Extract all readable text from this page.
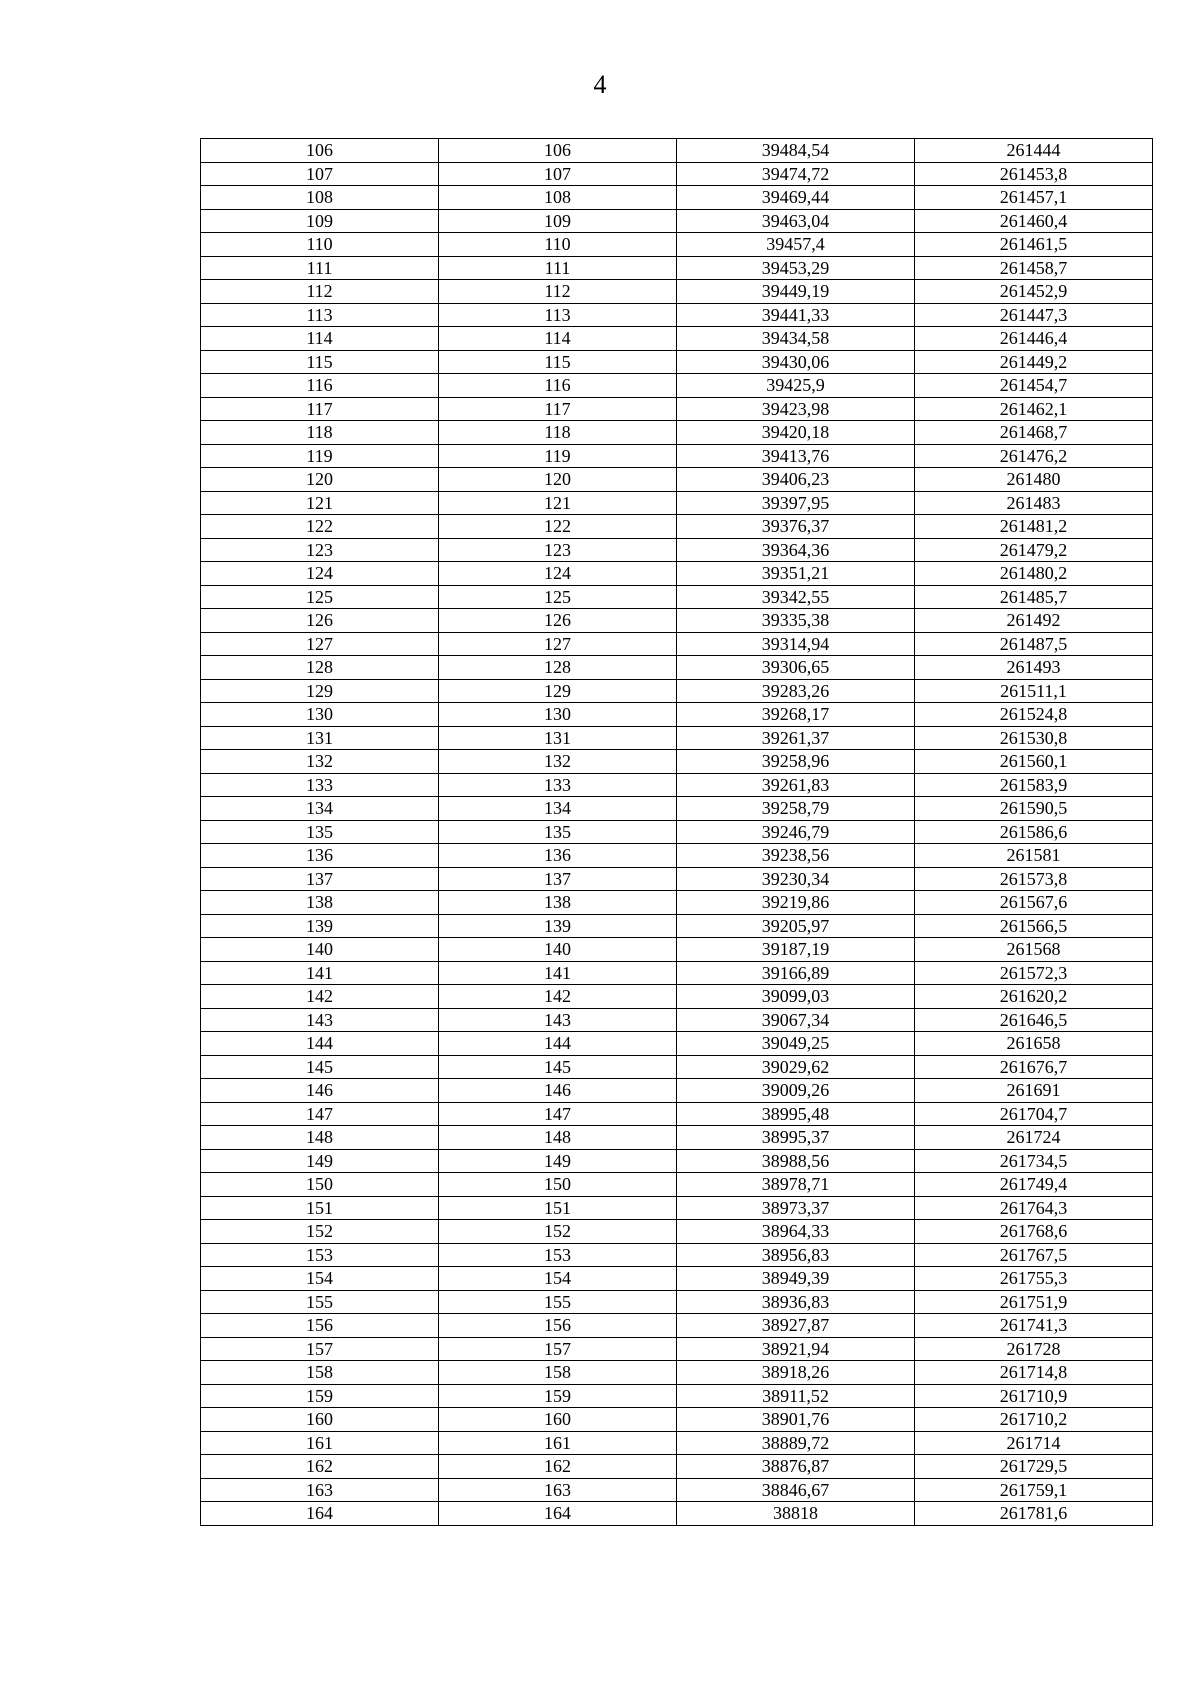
4
106	106	39484,54	261444
107	107	39474,72	261453,8
108	108	39469,44	261457,1
109	109	39463,04	261460,4
110	110	39457,4	261461,5
111	111	39453,29	261458,7
112	112	39449,19	261452,9
113	113	39441,33	261447,3
114	114	39434,58	261446,4
115	115	39430,06	261449,2
116	116	39425,9	261454,7
117	117	39423,98	261462,1
118	118	39420,18	261468,7
119	119	39413,76	261476,2
120	120	39406,23	261480
121	121	39397,95	261483
122	122	39376,37	261481,2
123	123	39364,36	261479,2
124	124	39351,21	261480,2
125	125	39342,55	261485,7
126	126	39335,38	261492
127	127	39314,94	261487,5
128	128	39306,65	261493
129	129	39283,26	261511,1
130	130	39268,17	261524,8
131	131	39261,37	261530,8
132	132	39258,96	261560,1
133	133	39261,83	261583,9
134	134	39258,79	261590,5
135	135	39246,79	261586,6
136	136	39238,56	261581
137	137	39230,34	261573,8
138	138	39219,86	261567,6
139	139	39205,97	261566,5
140	140	39187,19	261568
141	141	39166,89	261572,3
142	142	39099,03	261620,2
143	143	39067,34	261646,5
144	144	39049,25	261658
145	145	39029,62	261676,7
146	146	39009,26	261691
147	147	38995,48	261704,7
148	148	38995,37	261724
149	149	38988,56	261734,5
150	150	38978,71	261749,4
151	151	38973,37	261764,3
152	152	38964,33	261768,6
153	153	38956,83	261767,5
154	154	38949,39	261755,3
155	155	38936,83	261751,9
156	156	38927,87	261741,3
157	157	38921,94	261728
158	158	38918,26	261714,8
159	159	38911,52	261710,9
160	160	38901,76	261710,2
161	161	38889,72	261714
162	162	38876,87	261729,5
163	163	38846,67	261759,1
164	164	38818	261781,6
